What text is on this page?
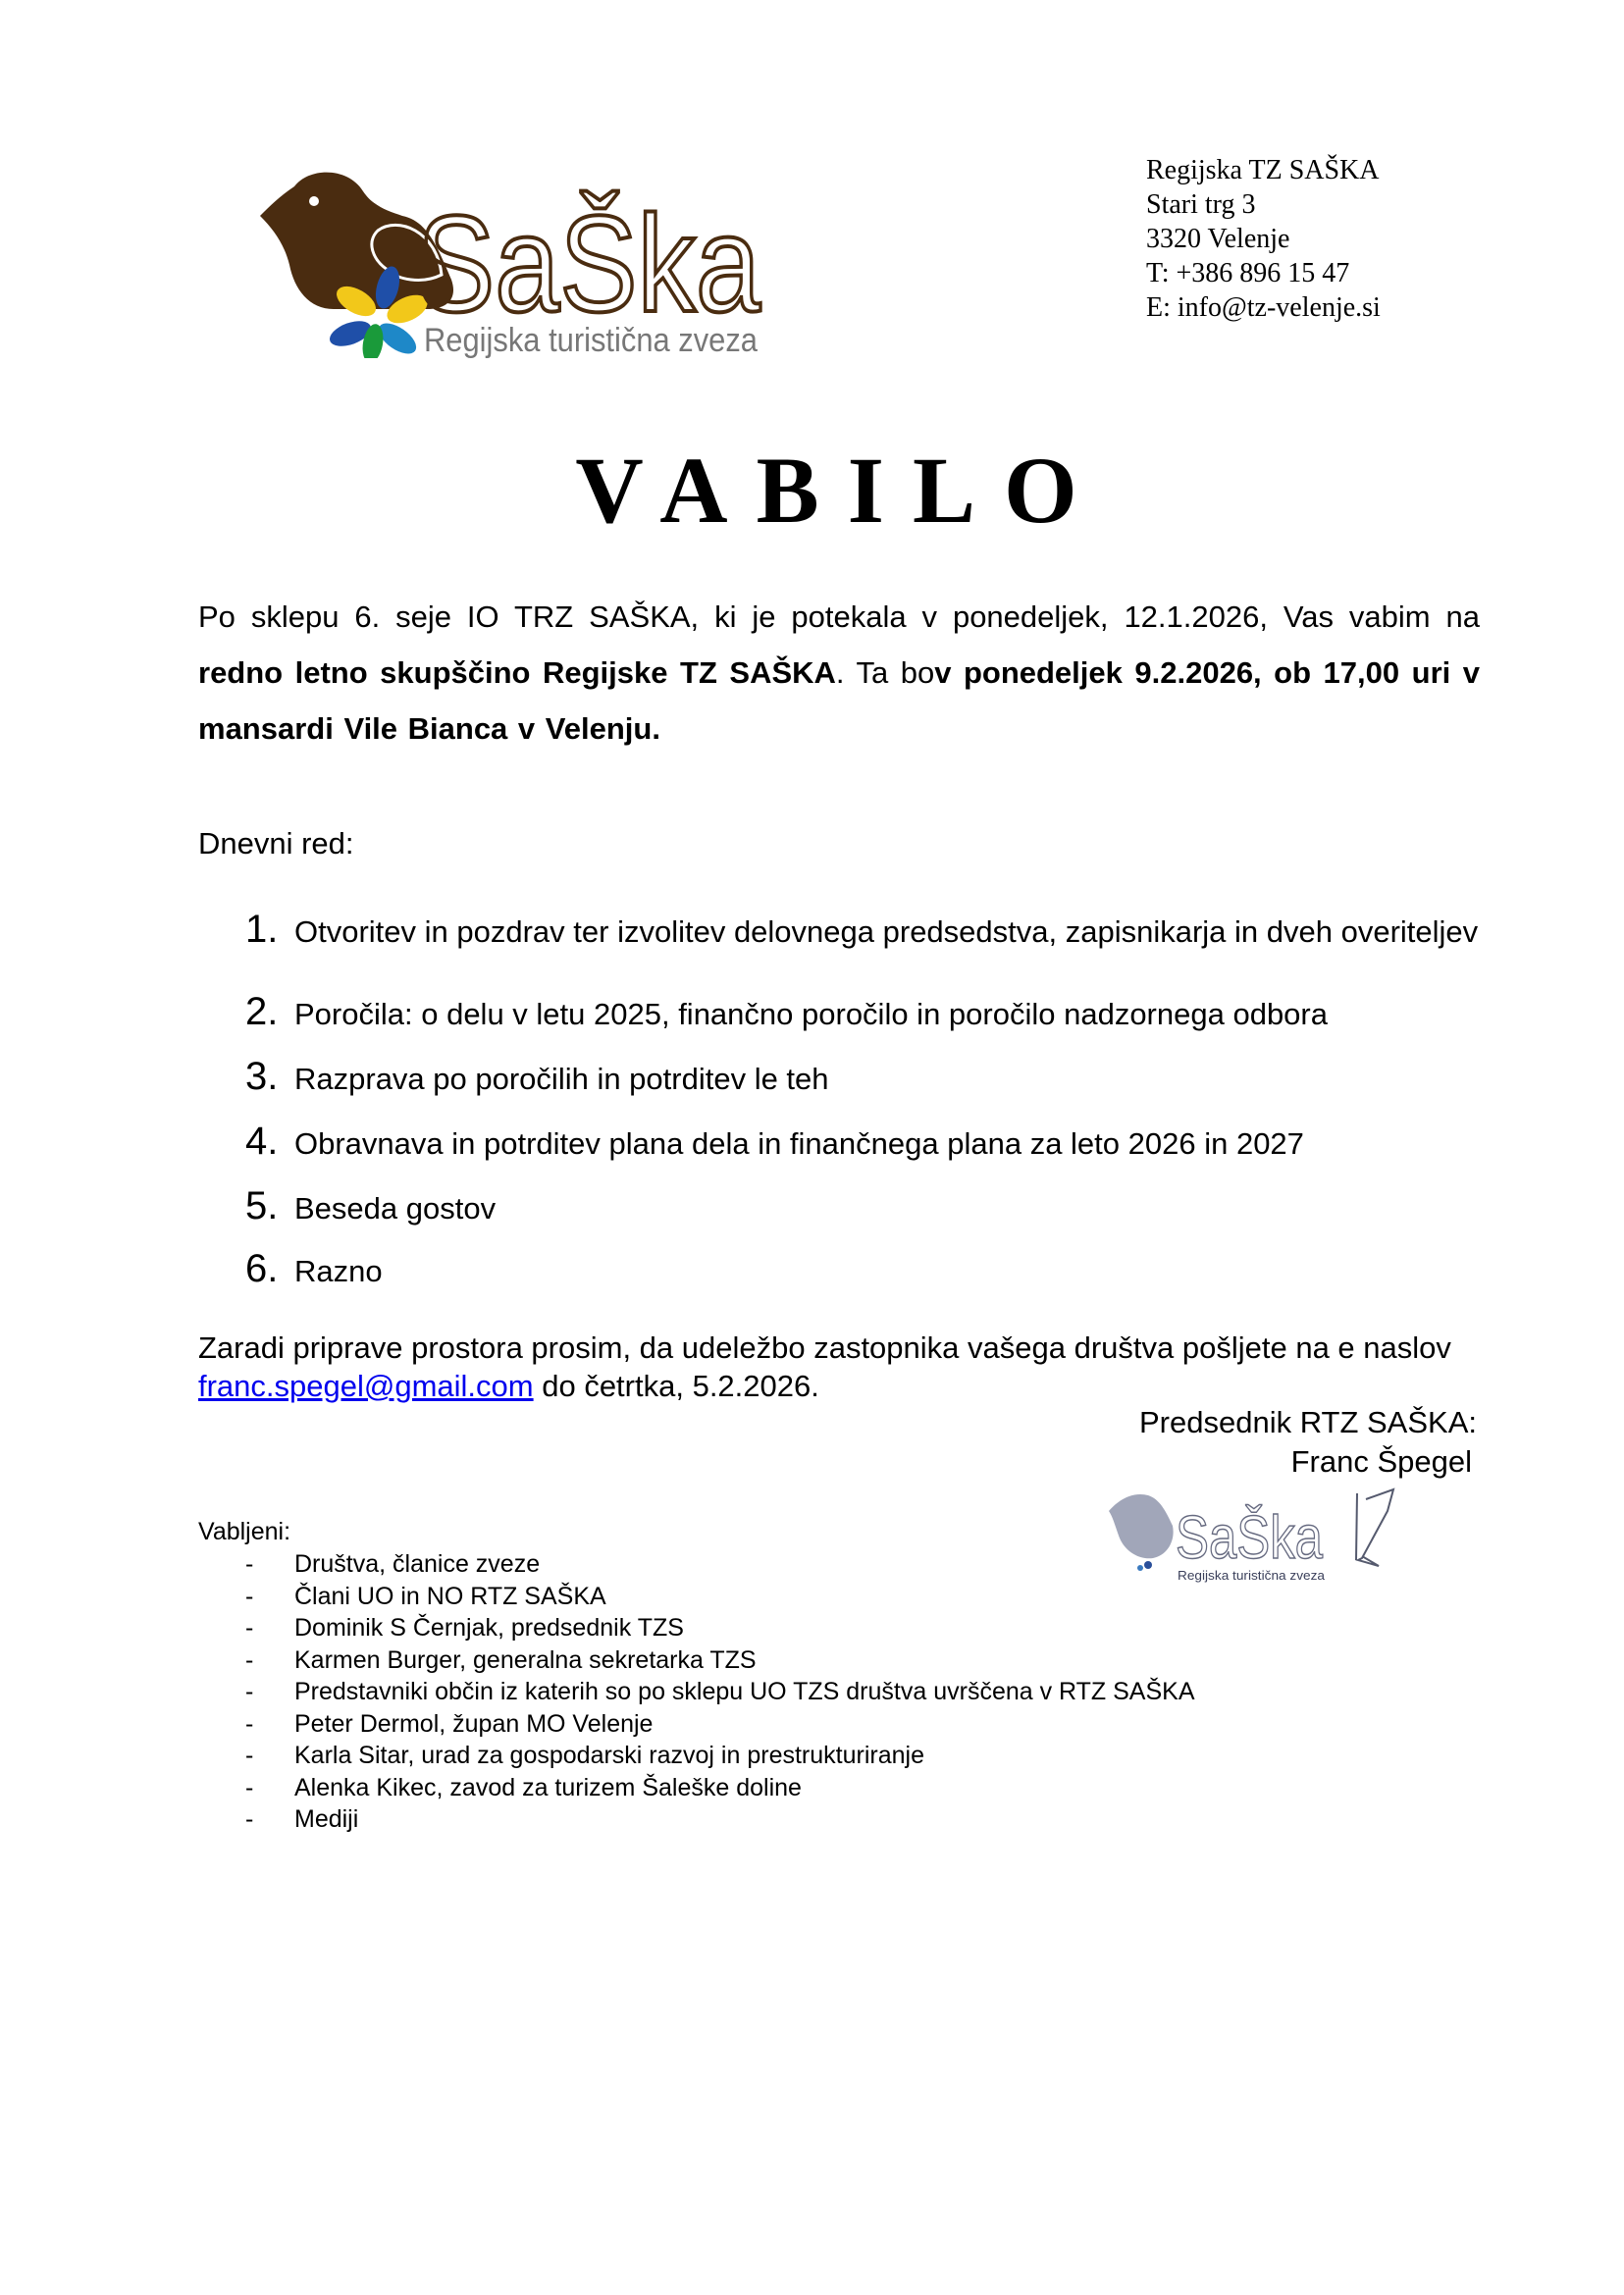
SaŠka
Regijska turistična zveza
Regijska TZ SAŠKA
Stari trg 3
3320 Velenje
T: +386 896 15 47
E: info@tz-velenje.si
VABILO
Po sklepu 6. seje IO TRZ SAŠKA, ki je potekala v ponedeljek, 12.1.2026, Vas vabim na redno letno skupščino Regijske TZ SAŠKA. Ta bov ponedeljek 9.2.2026, ob 17,00 uri v mansardi Vile Bianca v Velenju.
Dnevni red:
1. Otvoritev in pozdrav ter izvolitev delovnega predsedstva, zapisnikarja in dveh overiteljev
2. Poročila: o delu v letu 2025, finančno poročilo in poročilo nadzornega odbora
3. Razprava po poročilih in potrditev le teh
4. Obravnava in potrditev plana dela in finančnega plana za leto 2026 in 2027
5. Beseda gostov
6. Razno
Zaradi priprave prostora prosim, da udeležbo zastopnika vašega društva pošljete na e naslov franc.spegel@gmail.com do četrtka, 5.2.2026.
Predsednik RTZ SAŠKA:
Franc Špegel
SaŠka
Regijska turistična zveza
Vabljeni:
-	Društva, članice zveze
-	Člani UO in NO RTZ SAŠKA
-	Dominik S Černjak, predsednik TZS
-	Karmen Burger, generalna sekretarka TZS
-	Predstavniki občin iz katerih so po sklepu UO TZS društva uvrščena v RTZ SAŠKA
-	Peter Dermol, župan MO Velenje
-	Karla Sitar, urad za gospodarski razvoj in prestrukturiranje
-	Alenka Kikec, zavod za turizem Šaleške doline
-	Mediji
